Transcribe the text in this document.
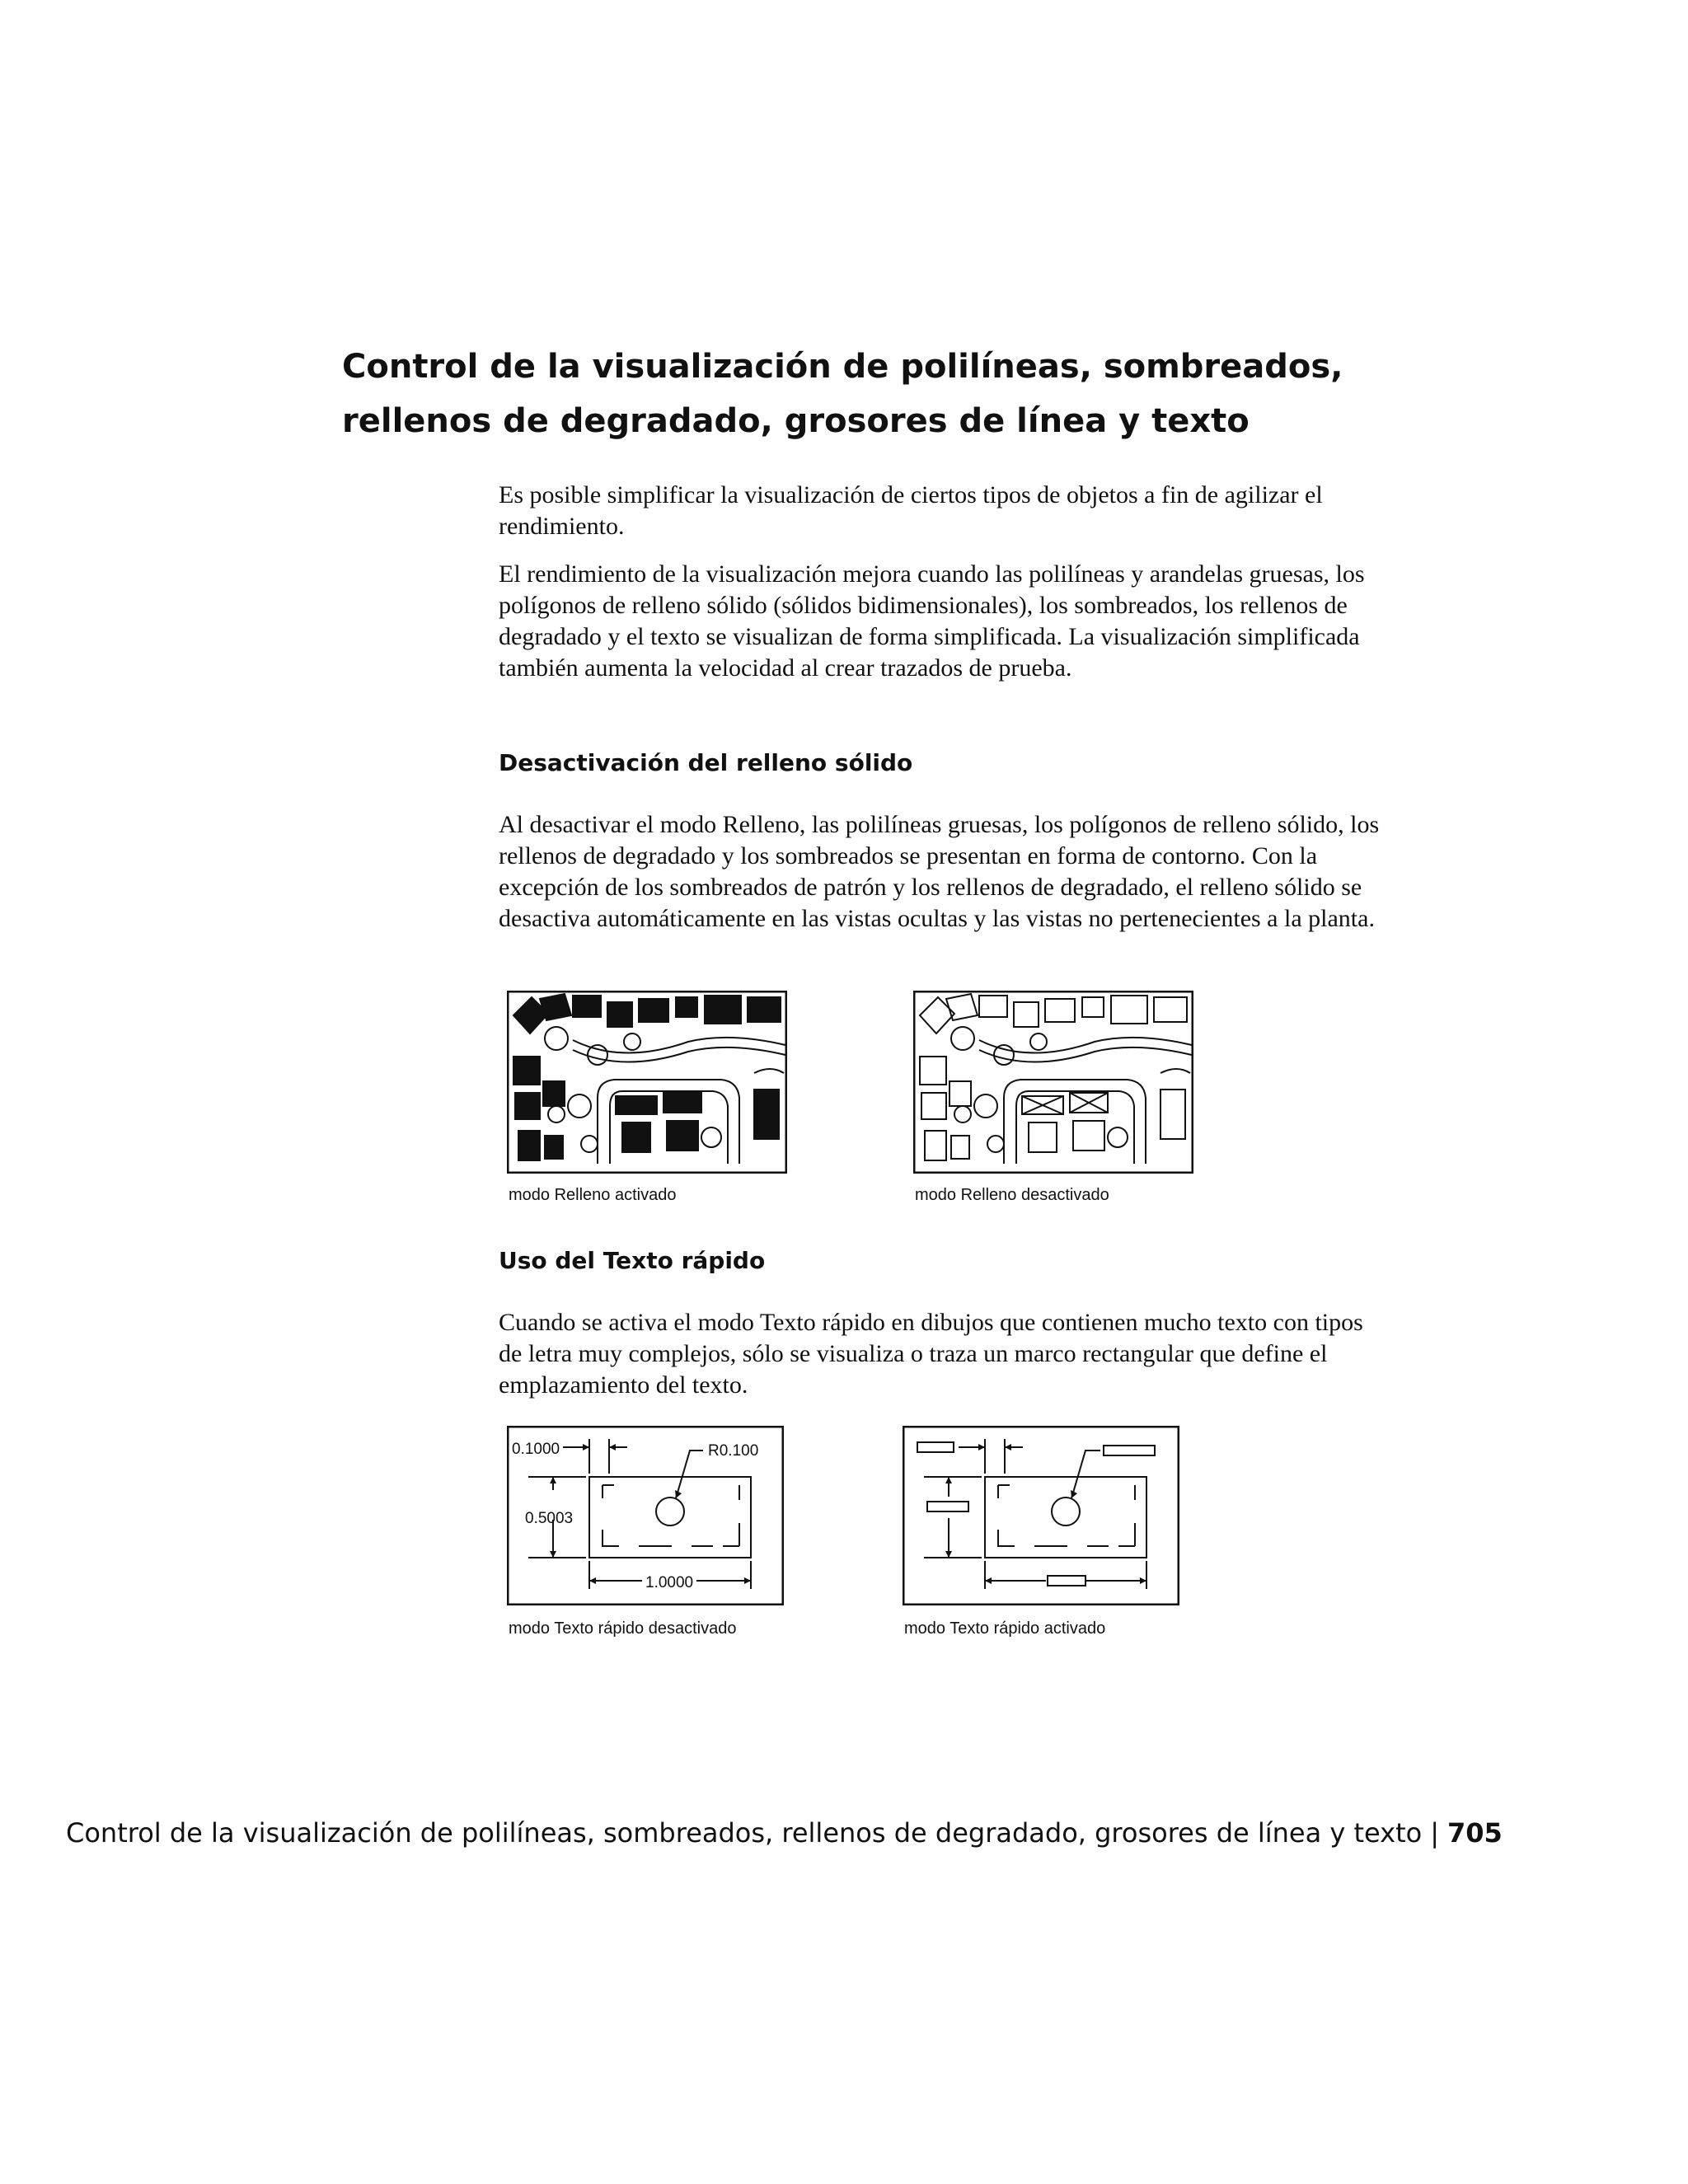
Control de la visualización de polilíneas, sombreados,
rellenos de degradado, grosores de línea y texto
Es posible simplificar la visualización de ciertos tipos de objetos a fin de agilizar el rendimiento.
El rendimiento de la visualización mejora cuando las polilíneas y arandelas gruesas, los polígonos de relleno sólido (sólidos bidimensionales), los sombreados, los rellenos de degradado y el texto se visualizan de forma simplificada. La visualización simplificada también aumenta la velocidad al crear trazados de prueba.
Desactivación del relleno sólido
Al desactivar el modo Relleno, las polilíneas gruesas, los polígonos de relleno sólido, los rellenos de degradado y los sombreados se presentan en forma de contorno. Con la excepción de los sombreados de patrón y los rellenos de degradado, el relleno sólido se desactiva automáticamente en las vistas ocultas y las vistas no pertenecientes a la planta.
modo Relleno activado	modo Relleno desactivado
Uso del Texto rápido
Cuando se activa el modo Texto rápido en dibujos que contienen mucho texto con tipos de letra muy complejos, sólo se visualiza o traza un marco rectangular que define el emplazamiento del texto.
0.1000	R0.100
0.5003
1.0000
modo Texto rápido desactivado	modo Texto rápido activado
Control de la visualización de polilíneas, sombreados, rellenos de degradado, grosores de línea y texto | 705
